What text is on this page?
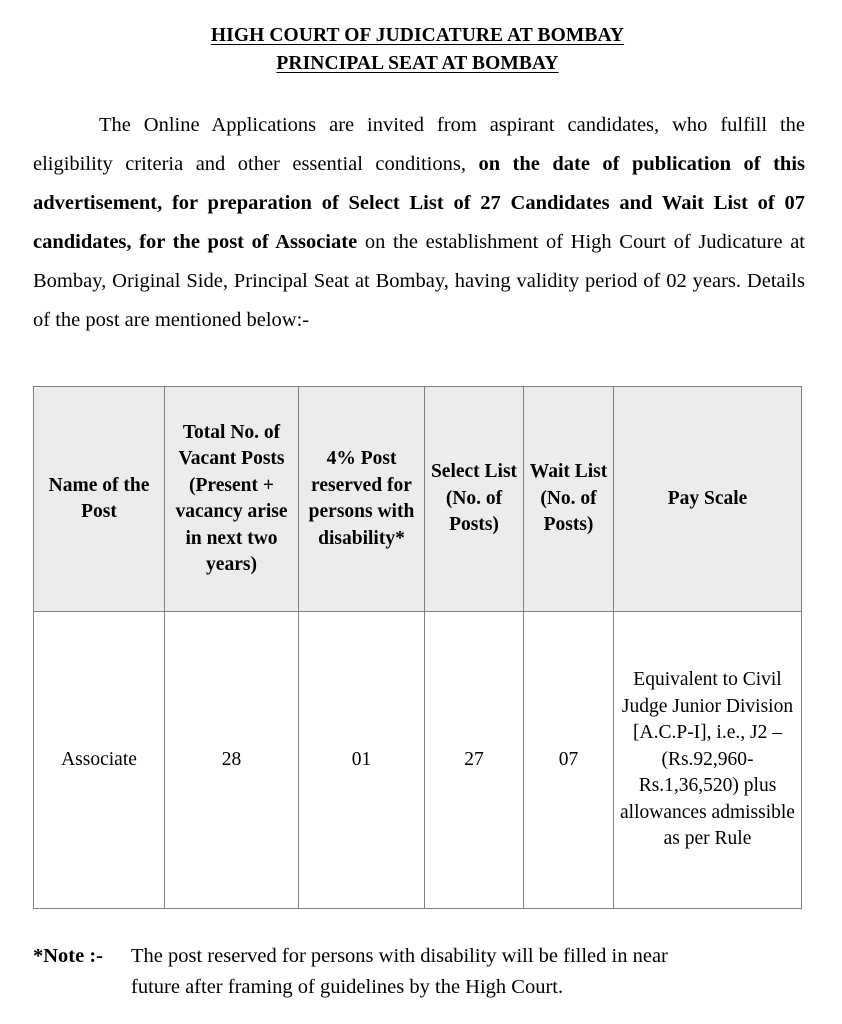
HIGH COURT OF JUDICATURE AT BOMBAY
PRINCIPAL SEAT AT BOMBAY

The Online Applications are invited from aspirant candidates, who fulfill the eligibility criteria and other essential conditions, on the date of publication of this advertisement, for preparation of Select List of 27 Candidates and Wait List of 07 candidates, for the post of Associate on the establishment of High Court of Judicature at Bombay, Original Side, Principal Seat at Bombay, having validity period of 02 years. Details of the post are mentioned below:-

Name of the Post	Total No. of Vacant Posts (Present + vacancy arise in next two years)	4% Post reserved for persons with disability*	Select List (No. of Posts)	Wait List (No. of Posts)	Pay Scale
Associate	28	01	27	07	Equivalent to Civil Judge Junior Division [A.C.P-I], i.e., J2 – (Rs.92,960-Rs.1,36,520) plus allowances admissible as per Rule
*Note :-	The post reserved for persons with disability will be filled in near
future after framing of guidelines by the High Court.
